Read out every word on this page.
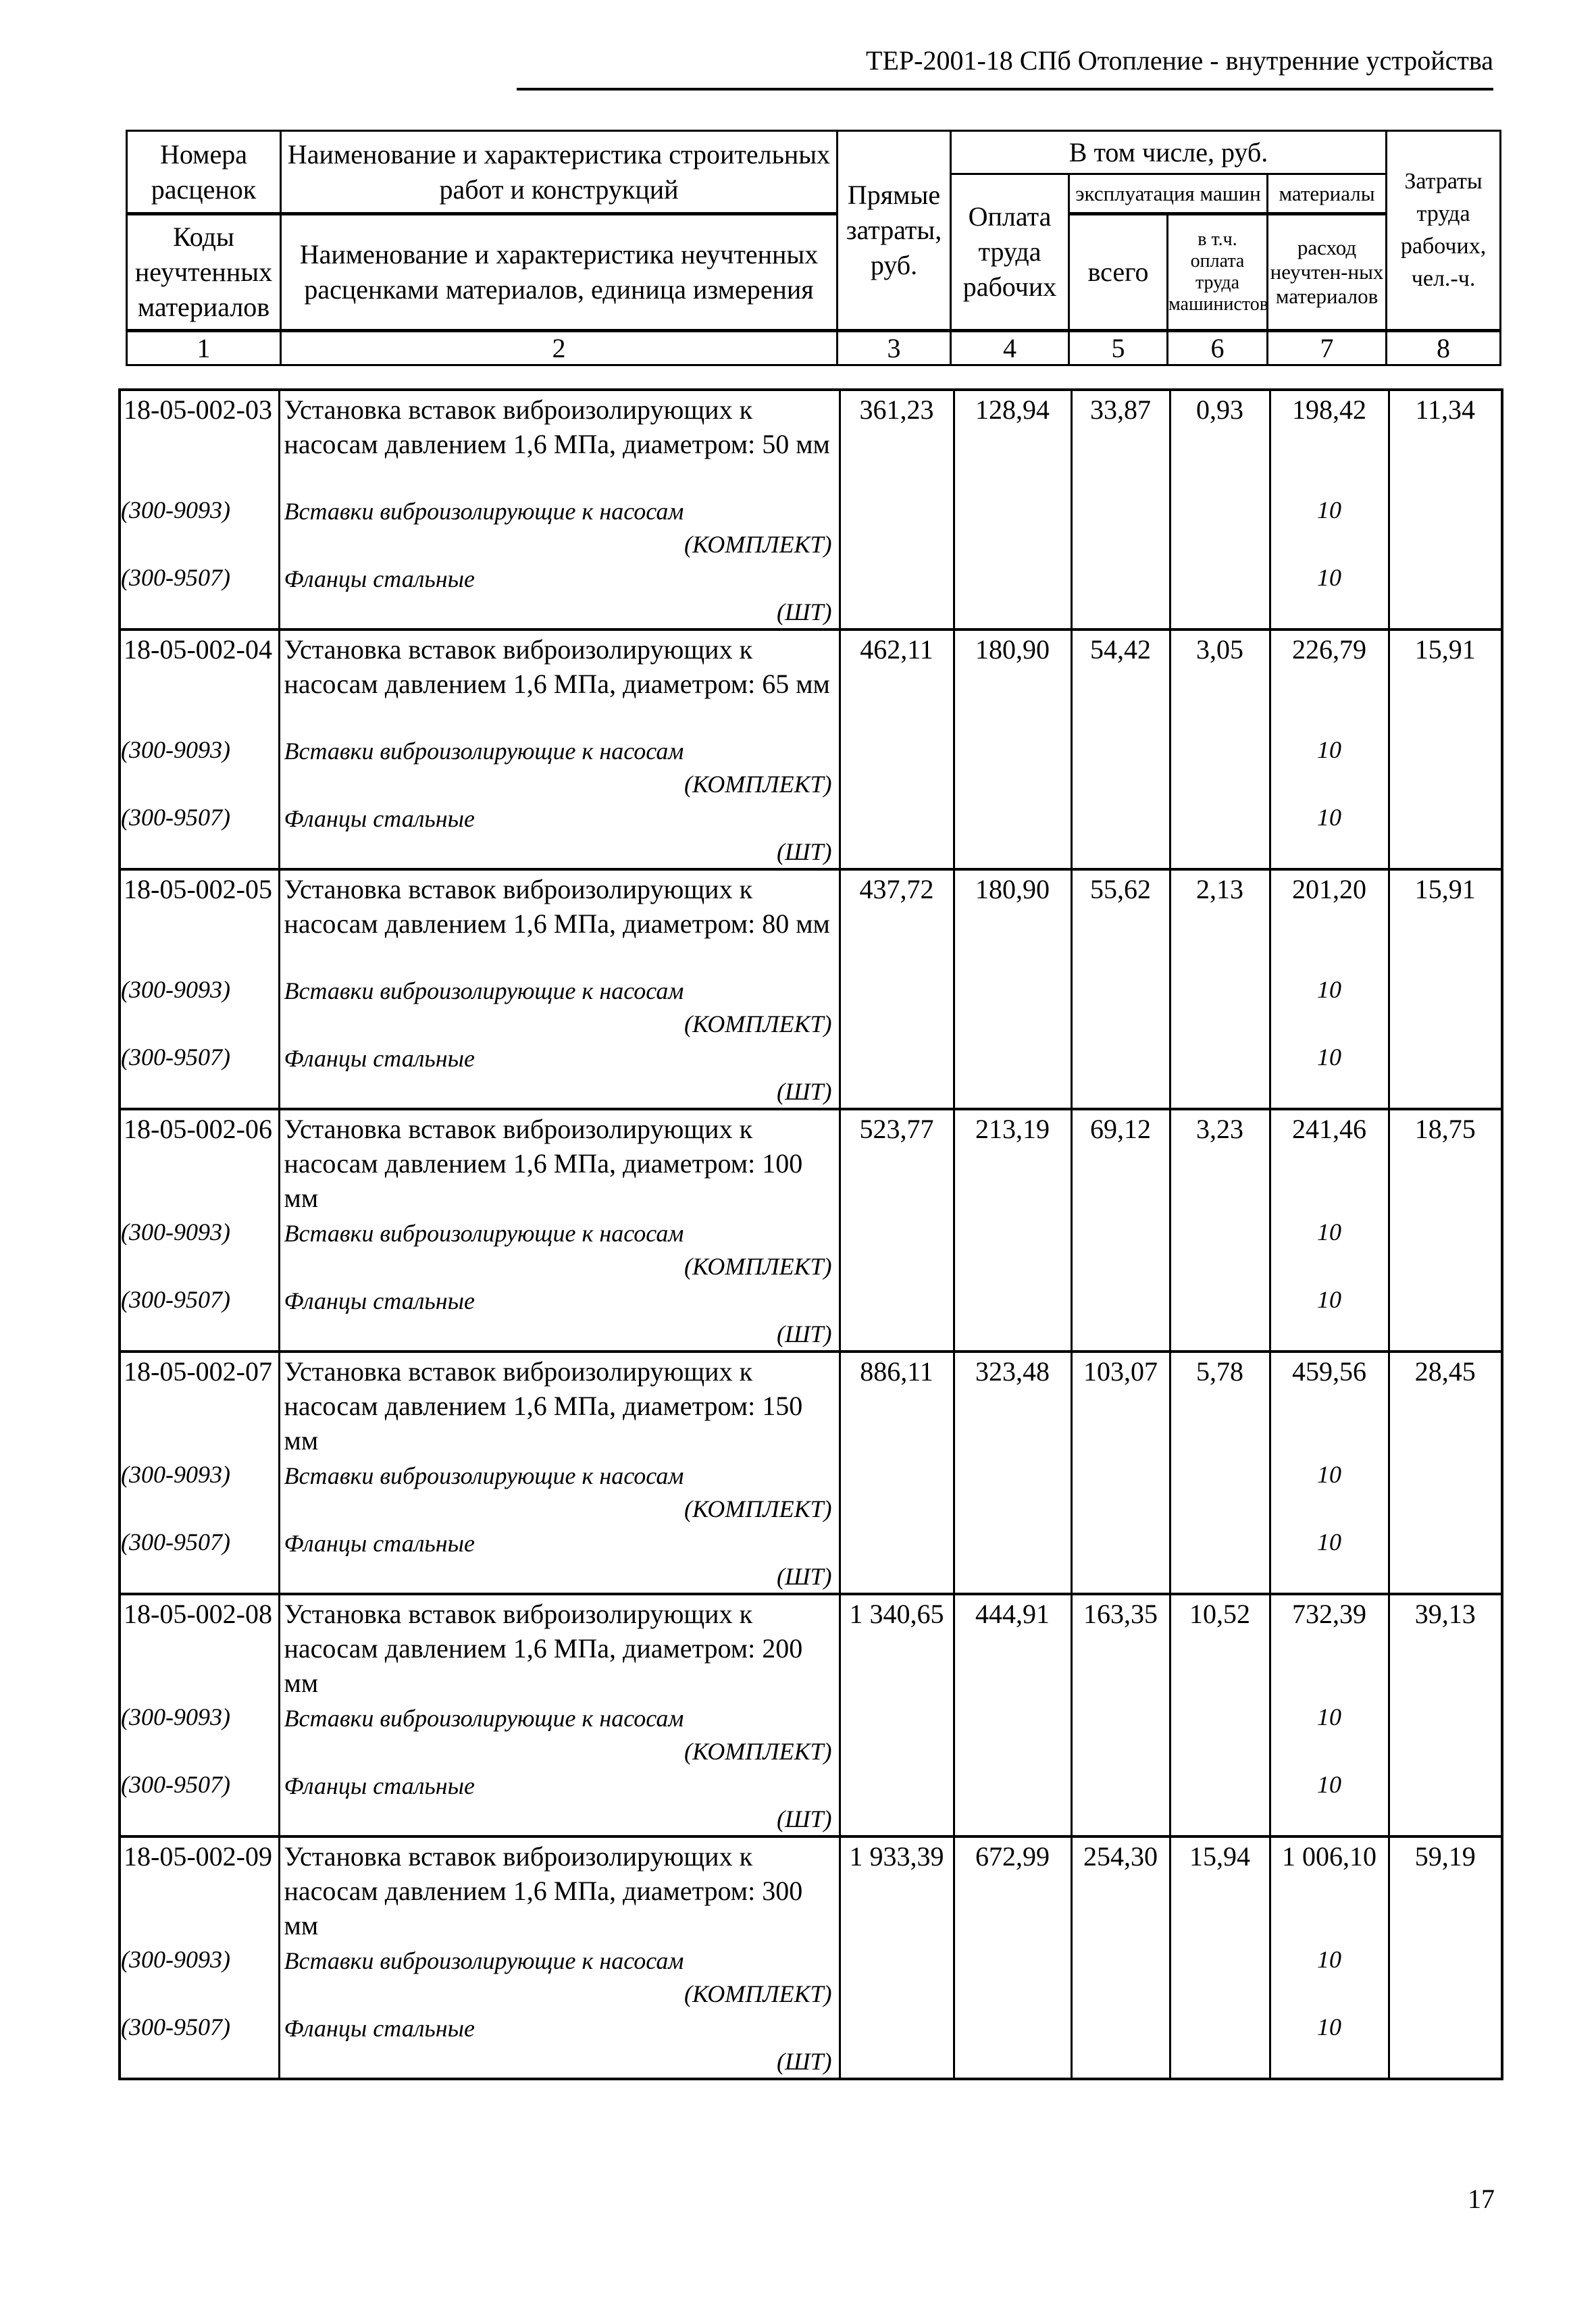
ТЕР-2001-18 СПб Отопление - внутренние устройства
Номера расценок	Наименование и характеристика строительных работ и конструкций	Прямые затраты, руб.	В том числе, руб.				Затраты труда рабочих, чел.-ч.
			Оплата труда рабочих	эксплуатация машин		материалы	
Коды неучтенных материалов	Наименование и характеристика неучтенных расценками материалов, единица измерения			всего	в т.ч. оплата труда машинистов	расход неучтен-ных материалов	

1	2	3	4	5	6	7	8
18-05-002-03	Установка вставок виброизолирующих к насосам давлением 1,6 МПа, диаметром: 50 мм	361,23	128,94	33,87	0,93	198,42	11,34
(300-9093)	Вставки виброизолирующие к насосам					10	
	(КОМПЛЕКТ)						
(300-9507)	Фланцы стальные					10	
	(ШТ)						
18-05-002-04	Установка вставок виброизолирующих к насосам давлением 1,6 МПа, диаметром: 65 мм	462,11	180,90	54,42	3,05	226,79	15,91
(300-9093)	Вставки виброизолирующие к насосам					10	
	(КОМПЛЕКТ)						
(300-9507)	Фланцы стальные					10	
	(ШТ)						
18-05-002-05	Установка вставок виброизолирующих к насосам давлением 1,6 МПа, диаметром: 80 мм	437,72	180,90	55,62	2,13	201,20	15,91
(300-9093)	Вставки виброизолирующие к насосам					10	
	(КОМПЛЕКТ)						
(300-9507)	Фланцы стальные					10	
	(ШТ)						
18-05-002-06	Установка вставок виброизолирующих к насосам давлением 1,6 МПа, диаметром: 100 мм	523,77	213,19	69,12	3,23	241,46	18,75
(300-9093)	Вставки виброизолирующие к насосам					10	
	(КОМПЛЕКТ)						
(300-9507)	Фланцы стальные					10	
	(ШТ)						
18-05-002-07	Установка вставок виброизолирующих к насосам давлением 1,6 МПа, диаметром: 150 мм	886,11	323,48	103,07	5,78	459,56	28,45
(300-9093)	Вставки виброизолирующие к насосам					10	
	(КОМПЛЕКТ)						
(300-9507)	Фланцы стальные					10	
	(ШТ)						
18-05-002-08	Установка вставок виброизолирующих к насосам давлением 1,6 МПа, диаметром: 200 мм	1 340,65	444,91	163,35	10,52	732,39	39,13
(300-9093)	Вставки виброизолирующие к насосам					10	
	(КОМПЛЕКТ)						
(300-9507)	Фланцы стальные					10	
	(ШТ)						
18-05-002-09	Установка вставок виброизолирующих к насосам давлением 1,6 МПа, диаметром: 300 мм	1 933,39	672,99	254,30	15,94	1 006,10	59,19
(300-9093)	Вставки виброизолирующие к насосам					10	
	(КОМПЛЕКТ)						
(300-9507)	Фланцы стальные					10	
	(ШТ)						
17
